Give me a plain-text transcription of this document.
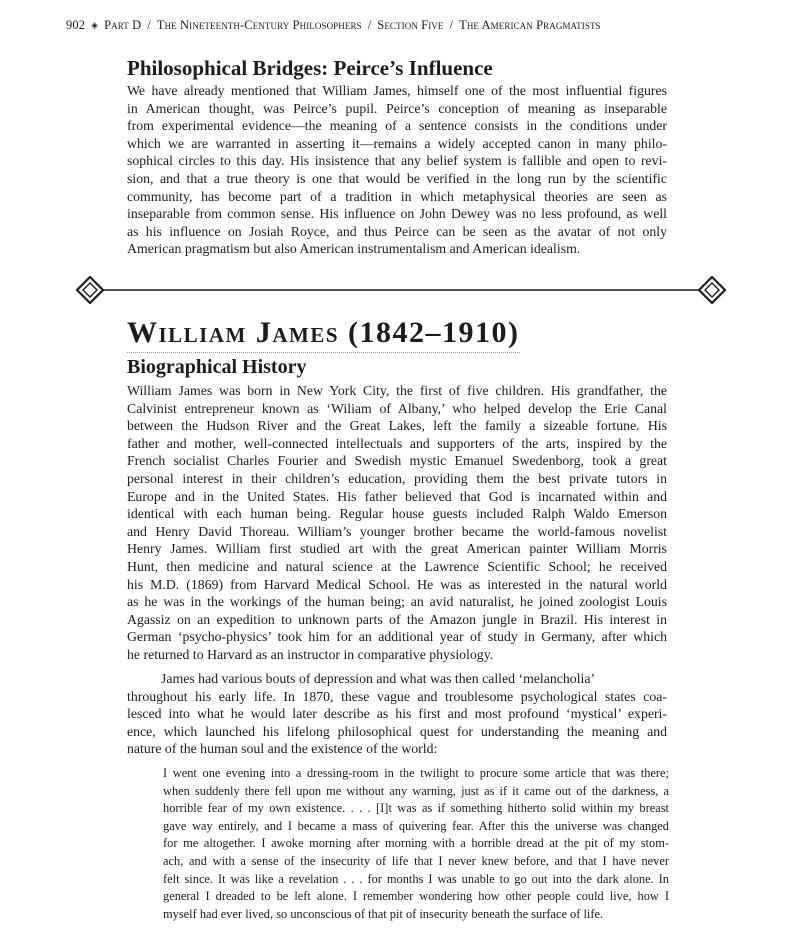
902 ◈ Part D / The Nineteenth-Century Philosophers / Section Five / The American Pragmatists
Philosophical Bridges: Peirce’s Influence

We have already mentioned that William James, himself one of the most influential figures
in American thought, was Peirce’s pupil. Peirce’s conception of meaning as inseparable
from experimental evidence—the meaning of a sentence consists in the conditions under
which we are warranted in asserting it—remains a widely accepted canon in many philo-
sophical circles to this day. His insistence that any belief system is fallible and open to revi-
sion, and that a true theory is one that would be verified in the long run by the scientific
community, has become part of a tradition in which metaphysical theories are seen as
inseparable from common sense. His influence on John Dewey was no less profound, as well
as his influence on Josiah Royce, and thus Peirce can be seen as the avatar of not only
American pragmatism but also American instrumentalism and American idealism.

William James (1842–1910)
Biographical History

William James was born in New York City, the first of five children. His grandfather, the
Calvinist entrepreneur known as ‘Wiliam of Albany,’ who helped develop the Erie Canal
between the Hudson River and the Great Lakes, left the family a sizeable fortune. His
father and mother, well-connected intellectuals and supporters of the arts, inspired by the
French socialist Charles Fourier and Swedish mystic Emanuel Swedenborg, took a great
personal interest in their children’s education, providing them the best private tutors in
Europe and in the United States. His father believed that God is incarnated within and
identical with each human being. Regular house guests included Ralph Waldo Emerson
and Henry David Thoreau. William’s younger brother became the world-famous novelist
Henry James. William first studied art with the great American painter William Morris
Hunt, then medicine and natural science at the Lawrence Scientific School; he received
his M.D. (1869) from Harvard Medical School. He was as interested in the natural world
as he was in the workings of the human being; an avid naturalist, he joined zoologist Louis
Agassiz on an expedition to unknown parts of the Amazon jungle in Brazil. His interest in
German ‘psycho-physics’ took him for an additional year of study in Germany, after which
he returned to Harvard as an instructor in comparative physiology.

James had various bouts of depression and what was then called ‘melancholia’
throughout his early life. In 1870, these vague and troublesome psychological states coa-
lesced into what he would later describe as his first and most profound ‘mystical’ experi-
ence, which launched his lifelong philosophical quest for understanding the meaning and
nature of the human soul and the existence of the world:

I went one evening into a dressing-room in the twilight to procure some article that was there;
when suddenly there fell upon me without any warning, just as if it came out of the darkness, a
horrible fear of my own existence. . . . [I]t was as if something hitherto solid within my breast
gave way entirely, and I became a mass of quivering fear. After this the universe was changed
for me altogether. I awoke morning after morning with a horrible dread at the pit of my stom-
ach, and with a sense of the insecurity of life that I never knew before, and that I have never
felt since. It was like a revelation . . . for months I was unable to go out into the dark alone. In
general I dreaded to be left alone. I remember wondering how other people could live, how I
myself had ever lived, so unconscious of that pit of insecurity beneath the surface of life.
